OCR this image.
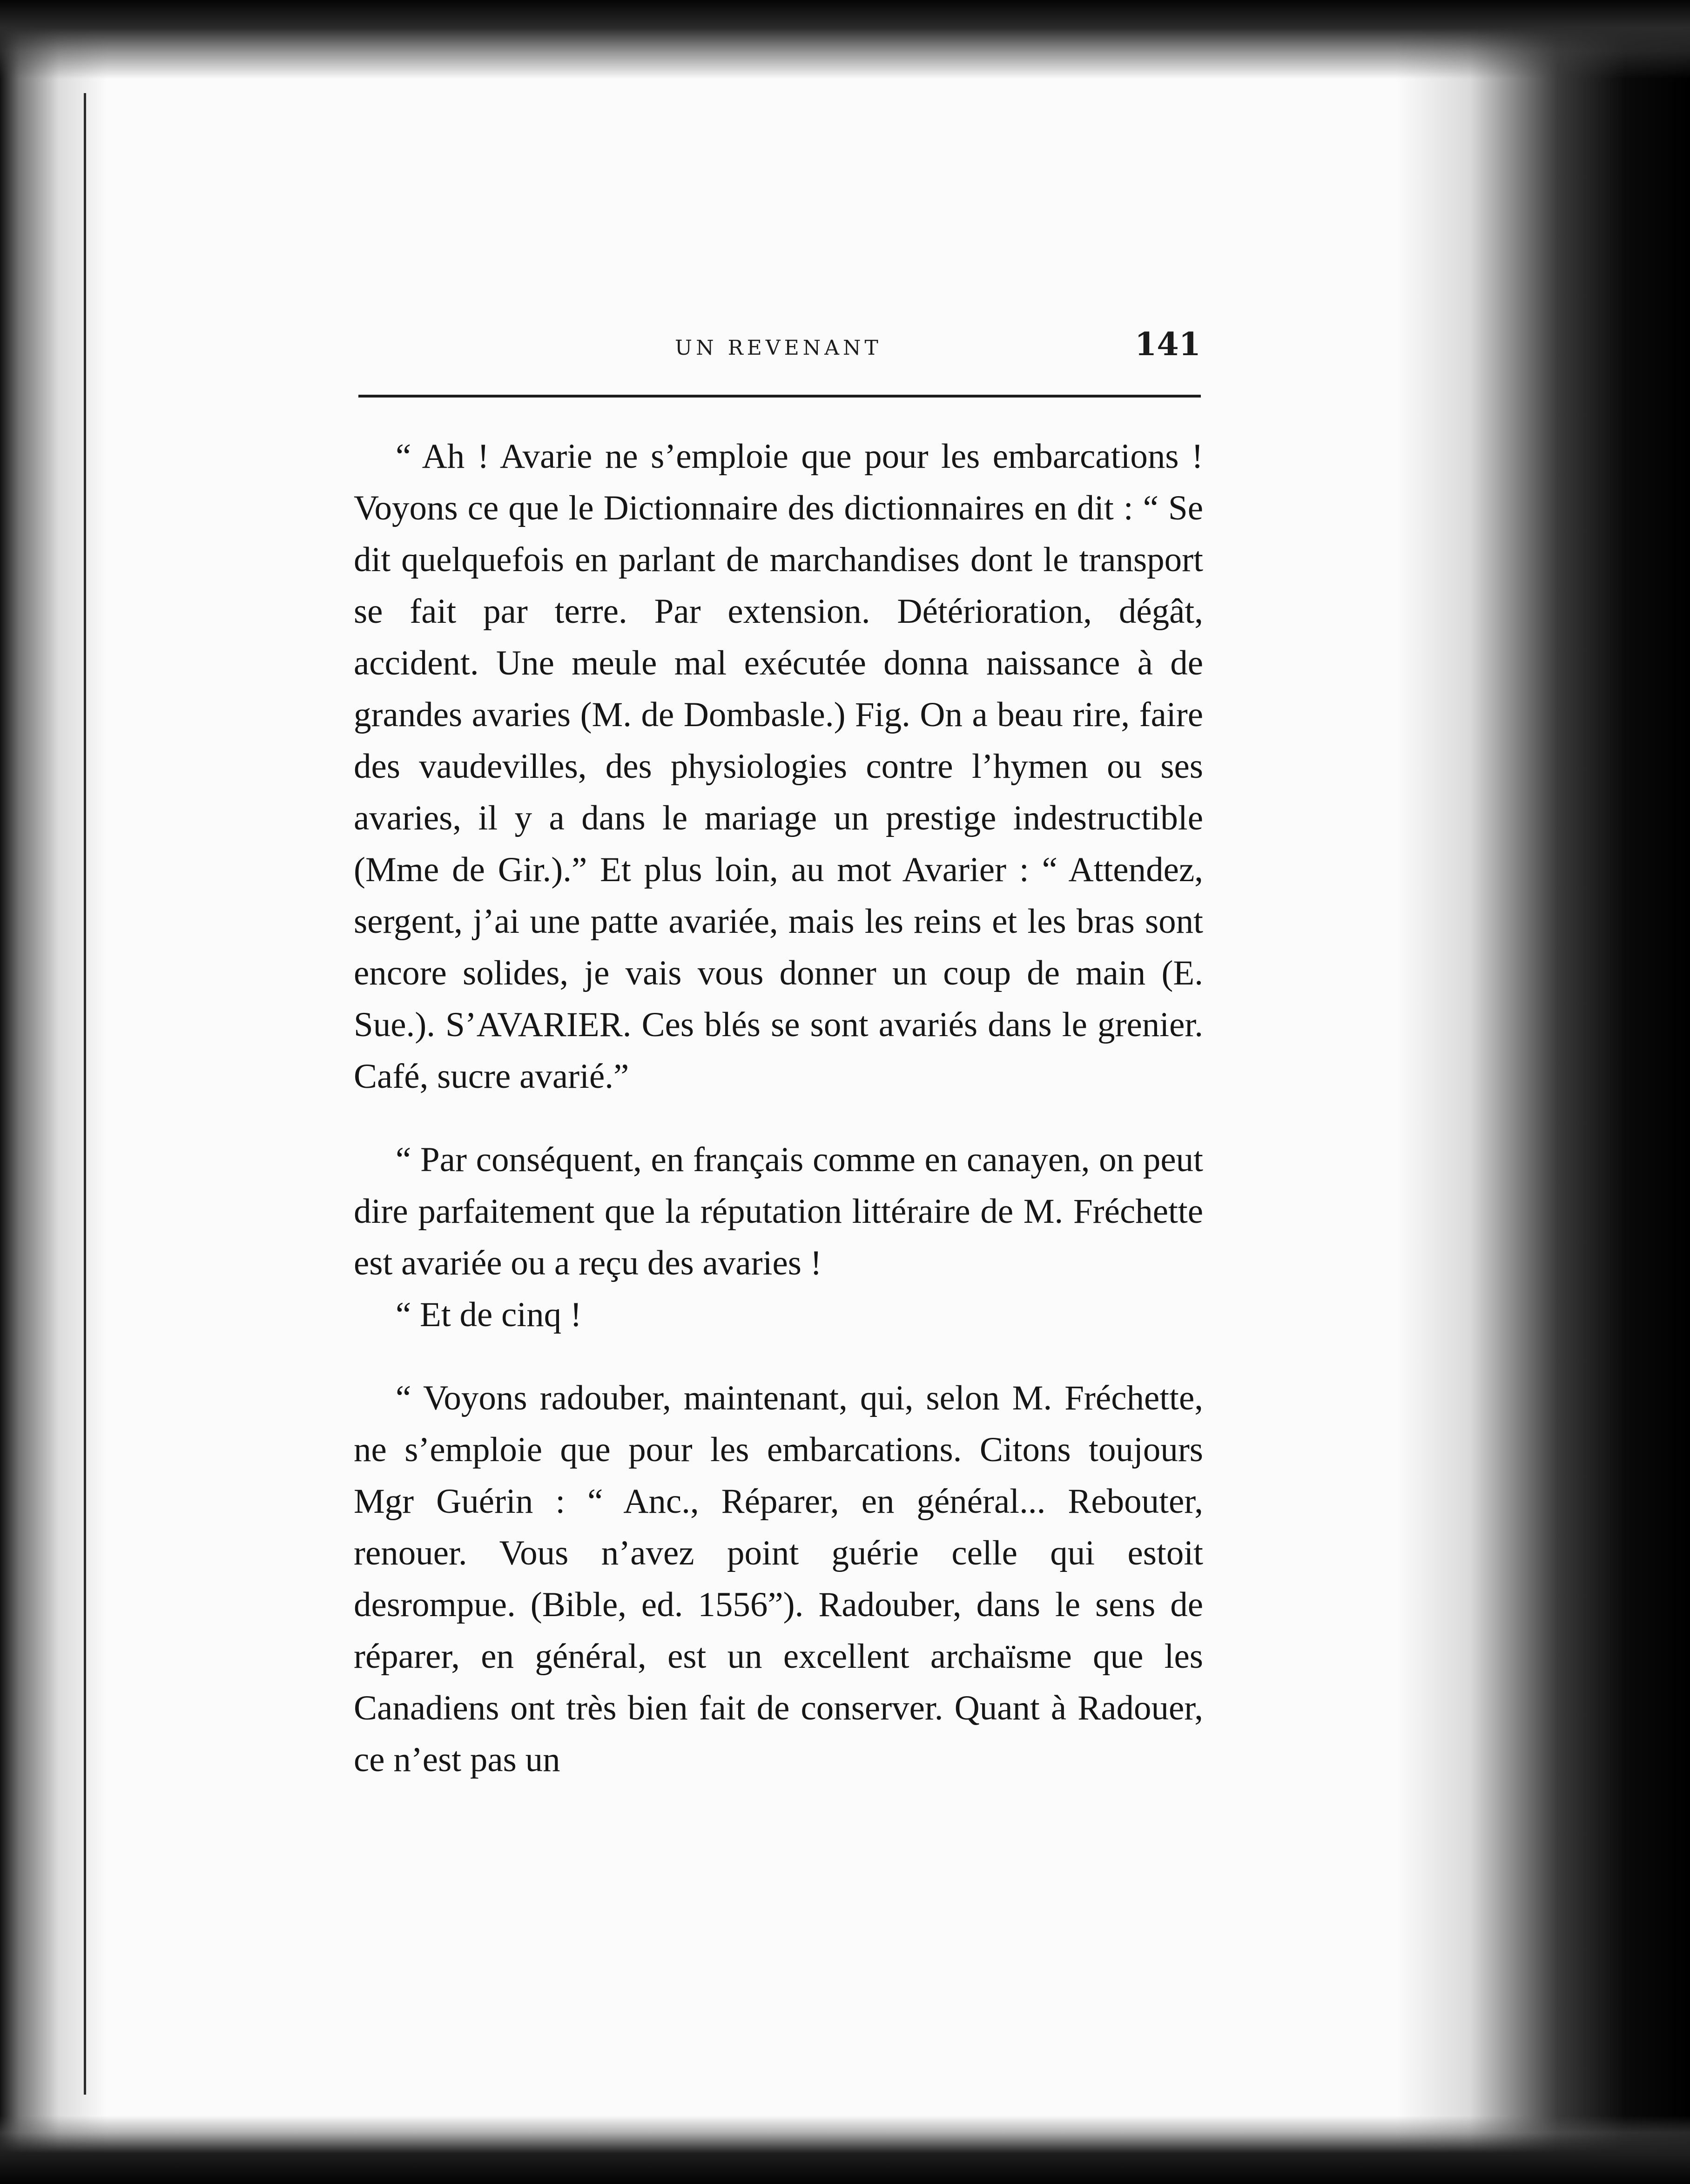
UN REVENANT	141

“ Ah ! Avarie ne s’emploie que pour les embarcations ! Voyons ce que le Dictionnaire des dictionnaires en dit : “ Se dit quelquefois en parlant de marchandises dont le transport se fait par terre. Par extension. Détérioration, dégât, accident. Une meule mal exécutée donna naissance à de grandes avaries (M. de Dombasle.) Fig. On a beau rire, faire des vaudevilles, des physiologies contre l’hymen ou ses avaries, il y a dans le mariage un prestige indestructible (Mme de Gir.).” Et plus loin, au mot Avarier : “ Attendez, sergent, j’ai une patte avariée, mais les reins et les bras sont encore solides, je vais vous donner un coup de main (E. Sue.). S’AVARIER. Ces blés se sont avariés dans le grenier. Café, sucre avarié.”

“ Par conséquent, en français comme en canayen, on peut dire parfaitement que la réputation littéraire de M. Fréchette est avariée ou a reçu des avaries !

“ Et de cinq !

“ Voyons radouber, maintenant, qui, selon M. Fréchette, ne s’emploie que pour les embarcations. Citons toujours Mgr Guérin : “ Anc., Réparer, en général... Rebouter, renouer. Vous n’avez point guérie celle qui estoit desrompue. (Bible, ed. 1556”). Radouber, dans le sens de réparer, en général, est un excellent archaïsme que les Canadiens ont très bien fait de conserver. Quant à Radouer, ce n’est pas un
